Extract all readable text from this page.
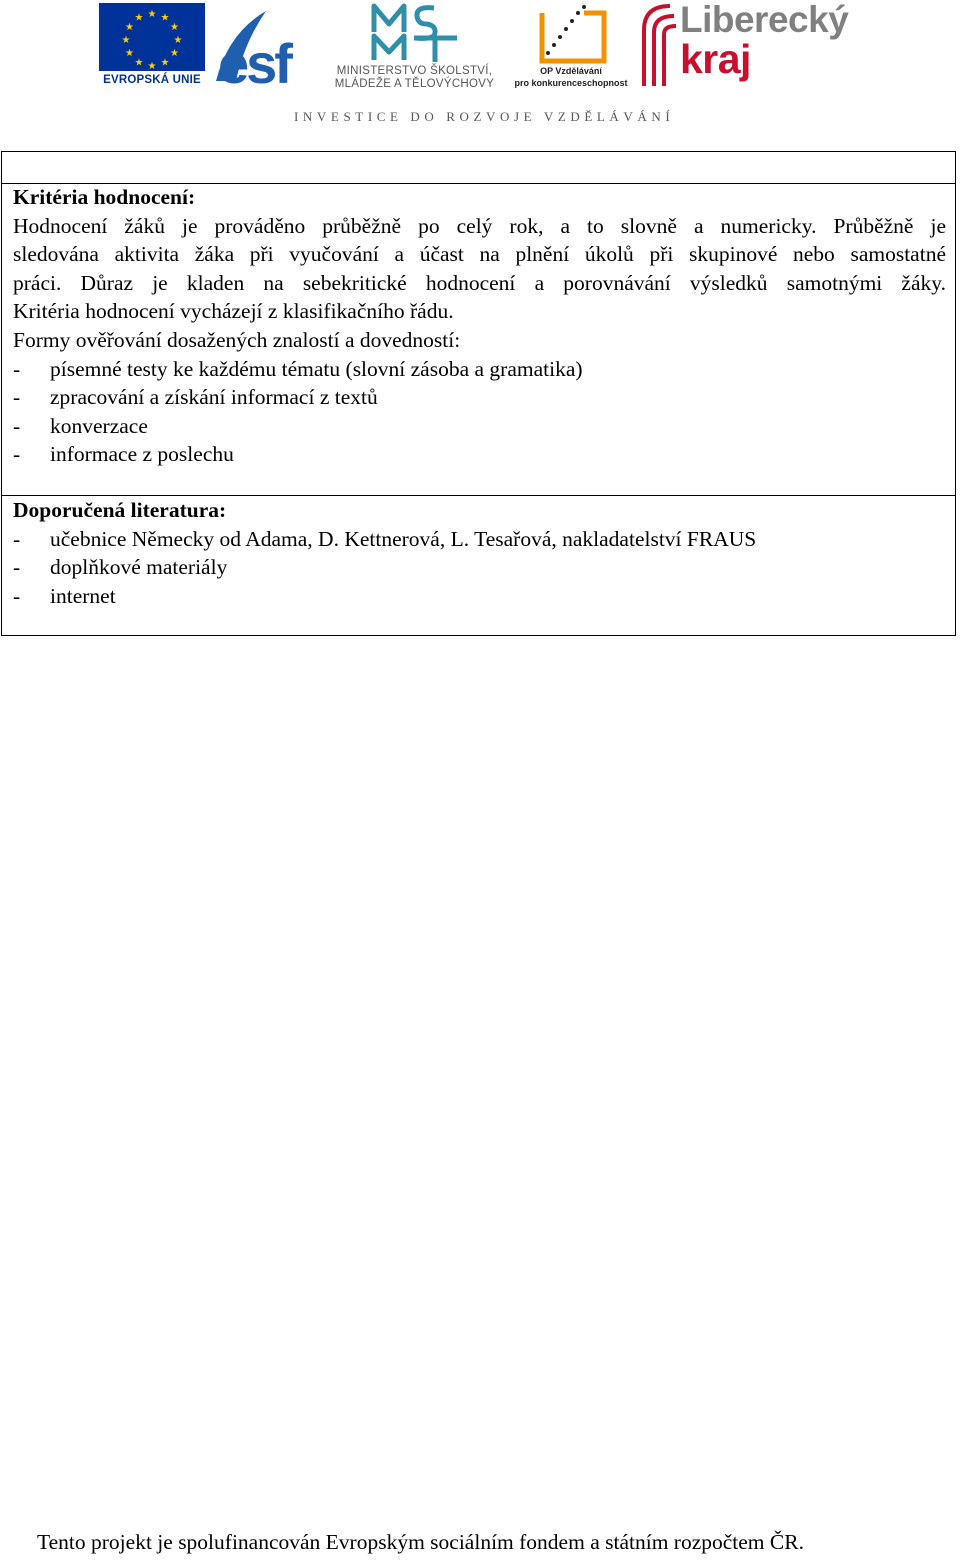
★ ★
★
★
★
★
★
★
★
★
★
★
EVROPSKÁ UNIE esf	MINISTERSTVO ŠKOLSTVÍ,
MLÁDEŽE A TĚLOVÝCHOVY
OP Vzdělávání
pro konkurenceschopnost
Liberecký
kraj
INVESTICE DO ROZVOJE VZDĚLÁVÁNÍ
Kritéria hodnocení:
Hodnocení žáků je prováděno průběžně po celý rok, a to slovně a numericky. Průběžně je
sledována aktivita žáka při vyučování a účast na plnění úkolů při skupinové nebo samostatné
práci. Důraz je kladen na sebekritické hodnocení a porovnávání výsledků samotnými žáky.
Kritéria hodnocení vycházejí z klasifikačního řádu.
Formy ověřování dosažených znalostí a dovedností:
- písemné testy ke každému tématu (slovní zásoba a gramatika)
- zpracování a získání informací z textů
- konverzace
- informace z poslechu
Doporučená literatura:
- učebnice Německy od Adama, D. Kettnerová, L. Tesařová, nakladatelství FRAUS
- doplňkové materiály
- internet
Tento projekt je spolufinancován Evropským sociálním fondem a státním rozpočtem ČR.
